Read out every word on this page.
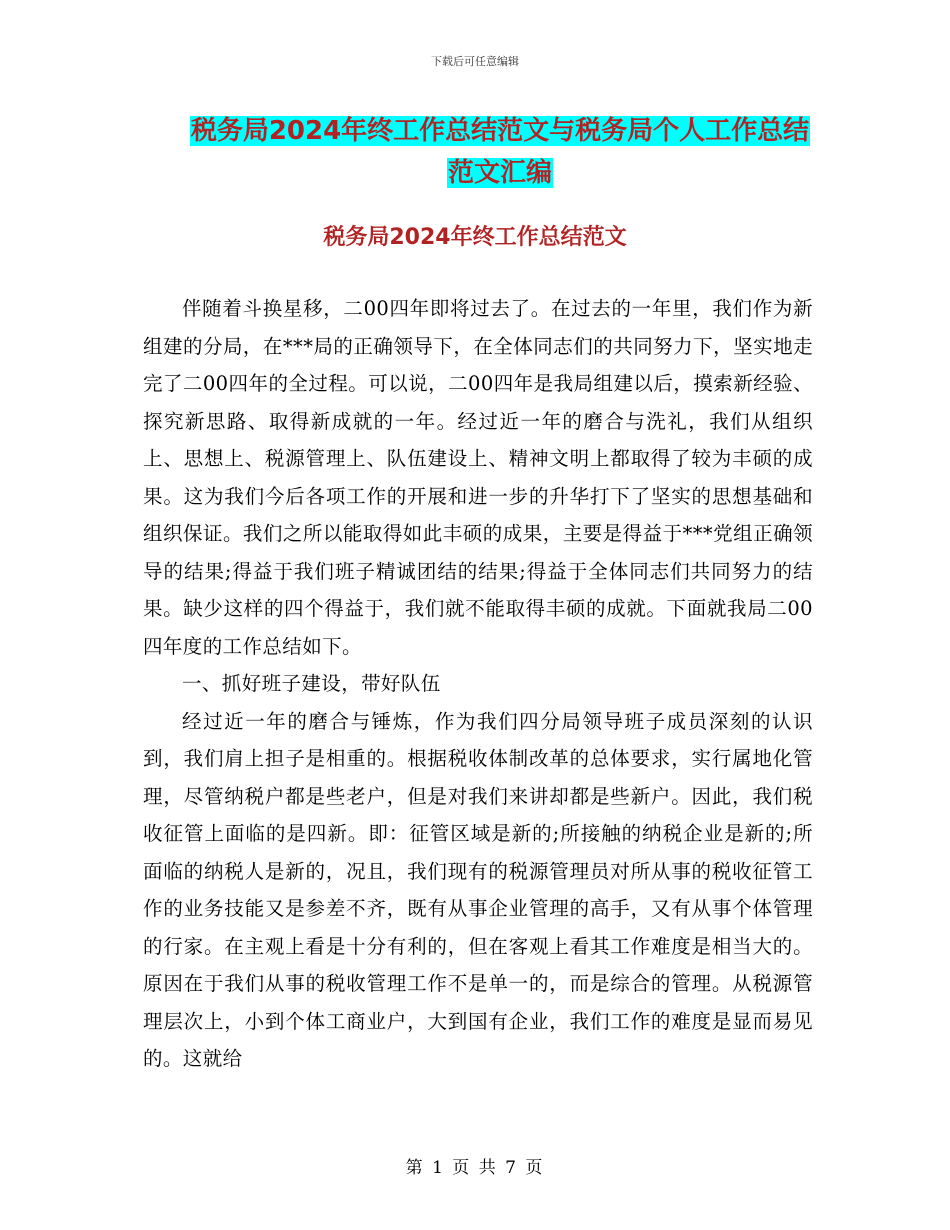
下载后可任意编辑
税务局2024年终工作总结范文与税务局个人工作总结
范文汇编
税务局2024年终工作总结范文

伴随着斗换星移，二00四年即将过去了。在过去的一年里，我们作为新组建的分局，在***局的正确领导下，在全体同志们的共同努力下，坚实地走完了二00四年的全过程。可以说，二00四年是我局组建以后，摸索新经验、探究新思路、取得新成就的一年。经过近一年的磨合与洗礼，我们从组织上、思想上、税源管理上、队伍建设上、精神文明上都取得了较为丰硕的成果。这为我们今后各项工作的开展和进一步的升华打下了坚实的思想基础和组织保证。我们之所以能取得如此丰硕的成果，主要是得益于***党组正确领导的结果;得益于我们班子精诚团结的结果;得益于全体同志们共同努力的结果。缺少这样的四个得益于，我们就不能取得丰硕的成就。下面就我局二00四年度的工作总结如下。

一、抓好班子建设，带好队伍

经过近一年的磨合与锤炼，作为我们四分局领导班子成员深刻的认识到，我们肩上担子是相重的。根据税收体制改革的总体要求，实行属地化管理，尽管纳税户都是些老户，但是对我们来讲却都是些新户。因此，我们税收征管上面临的是四新。即：征管区域是新的;所接触的纳税企业是新的;所面临的纳税人是新的，况且，我们现有的税源管理员对所从事的税收征管工作的业务技能又是参差不齐，既有从事企业管理的高手，又有从事个体管理的行家。在主观上看是十分有利的，但在客观上看其工作难度是相当大的。原因在于我们从事的税收管理工作不是单一的，而是综合的管理。从税源管理层次上，小到个体工商业户，大到国有企业，我们工作的难度是显而易见的。这就给

第 1 页 共 7 页
